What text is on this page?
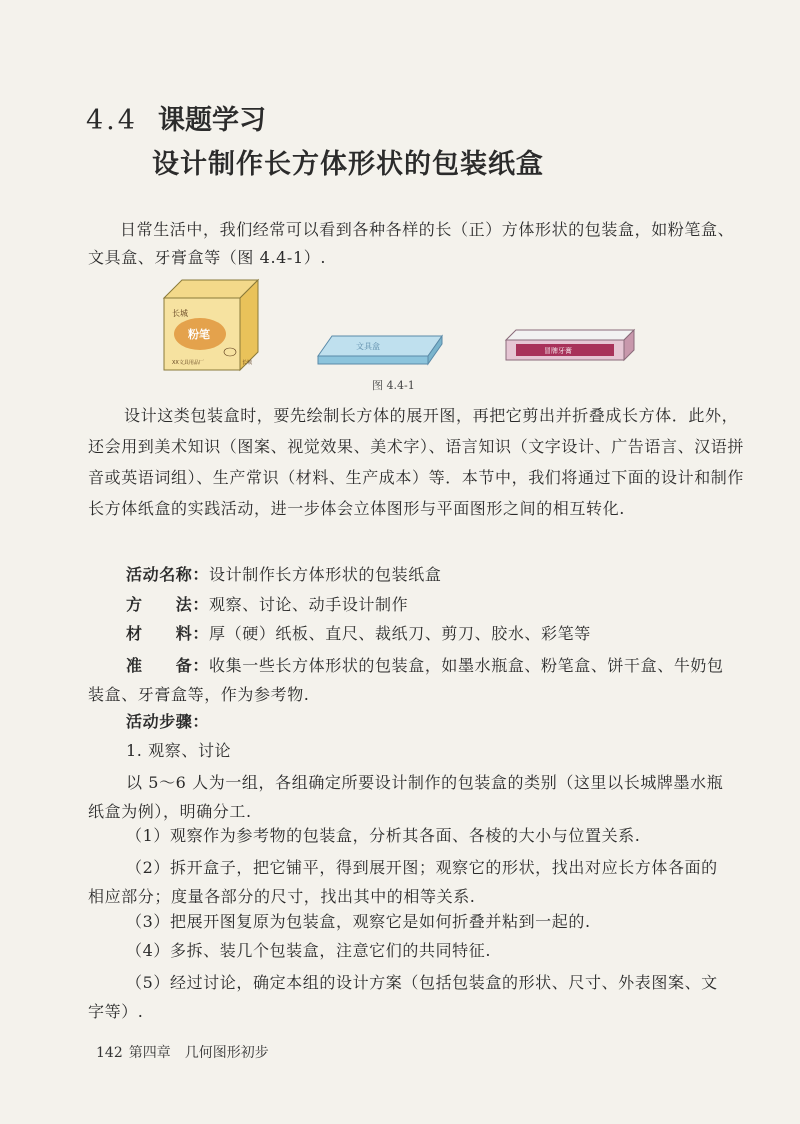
4.4 课题学习
设计制作长方体形状的包装纸盒
日常生活中，我们经常可以看到各种各样的长（正）方体形状的包装盒，如粉笔盒、文具盒、牙膏盒等（图 4.4-1）.
长城
粉笔
XX文具用品厂	长城
文具盒	冒牌牙膏
图 4.4-1
设计这类包装盒时，要先绘制长方体的展开图，再把它剪出并折叠成长方体．此外，还会用到美术知识（图案、视觉效果、美术字）、语言知识（文字设计、广告语言、汉语拼音或英语词组）、生产常识（材料、生产成本）等．本节中，我们将通过下面的设计和制作长方体纸盒的实践活动，进一步体会立体图形与平面图形之间的相互转化.
活动名称：设计制作长方体形状的包装纸盒
方　　法：观察、讨论、动手设计制作
材　　料：厚（硬）纸板、直尺、裁纸刀、剪刀、胶水、彩笔等
准　　备：收集一些长方体形状的包装盒，如墨水瓶盒、粉笔盒、饼干盒、牛奶包装盒、牙膏盒等，作为参考物.
活动步骤：
1. 观察、讨论
以 5～6 人为一组，各组确定所要设计制作的包装盒的类别（这里以长城牌墨水瓶纸盒为例），明确分工.
（1）观察作为参考物的包装盒，分析其各面、各棱的大小与位置关系.
（2）拆开盒子，把它铺平，得到展开图；观察它的形状，找出对应长方体各面的相应部分；度量各部分的尺寸，找出其中的相等关系.
（3）把展开图复原为包装盒，观察它是如何折叠并粘到一起的.
（4）多拆、装几个包装盒，注意它们的共同特征.
（5）经过讨论，确定本组的设计方案（包括包装盒的形状、尺寸、外表图案、文字等）.
142 第四章　几何图形初步
